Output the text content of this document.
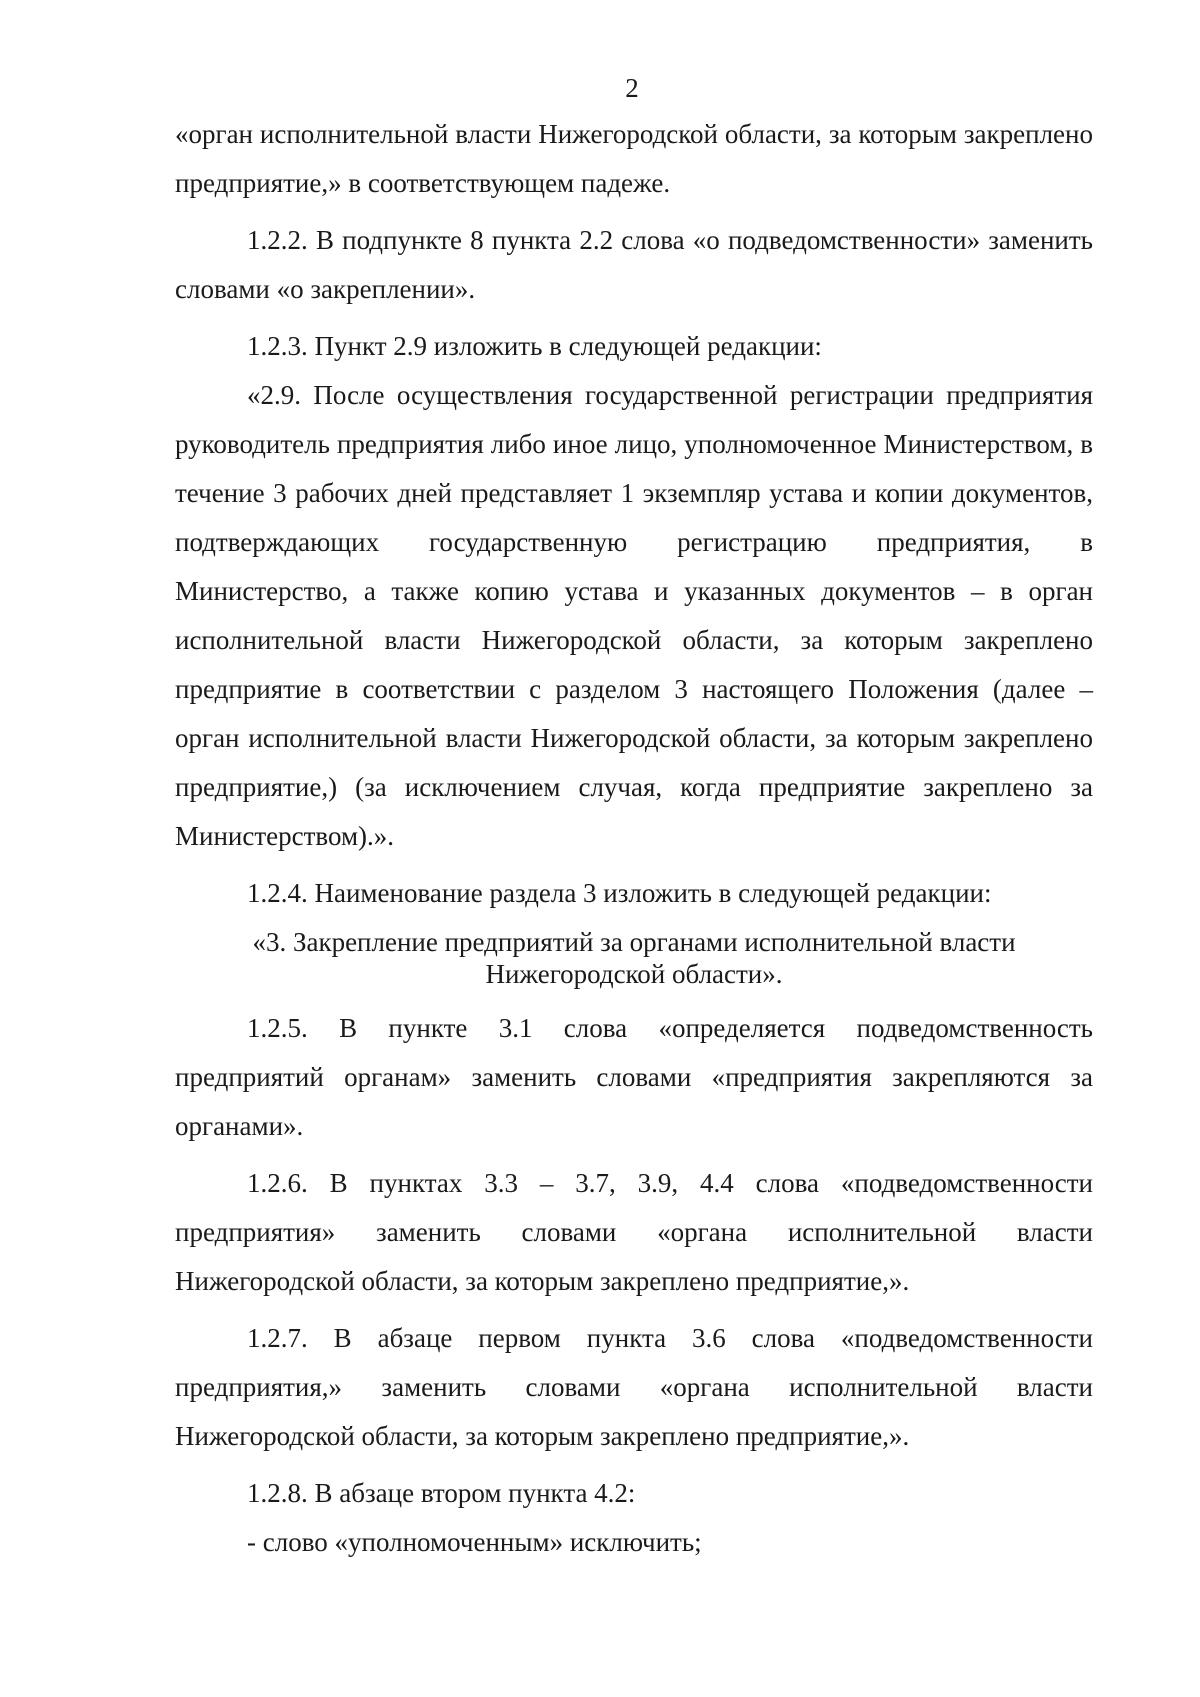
2

«орган исполнительной власти Нижегородской области, за которым закреплено предприятие,» в соответствующем падеже.

1.2.2. В подпункте 8 пункта 2.2 слова «о подведомственности» заменить словами «о закреплении».

1.2.3. Пункт 2.9 изложить в следующей редакции:

«2.9. После осуществления государственной регистрации предприятия руководитель предприятия либо иное лицо, уполномоченное Министерством, в течение 3 рабочих дней представляет 1 экземпляр устава и копии документов, подтверждающих государственную регистрацию предприятия, в Министерство, а также копию устава и указанных документов – в орган исполнительной власти Нижегородской области, за которым закреплено предприятие в соответствии с разделом 3 настоящего Положения (далее – орган исполнительной власти Нижегородской области, за которым закреплено предприятие,) (за исключением случая, когда предприятие закреплено за Министерством).».

1.2.4. Наименование раздела 3 изложить в следующей редакции:

«3. Закрепление предприятий за органами исполнительной власти
Нижегородской области».

1.2.5. В пункте 3.1 слова «определяется подведомственность предприятий органам» заменить словами «предприятия закрепляются за органами».

1.2.6. В пунктах 3.3 – 3.7, 3.9, 4.4 слова «подведомственности предприятия» заменить словами «органа исполнительной власти Нижегородской области, за которым закреплено предприятие,».

1.2.7. В абзаце первом пункта 3.6 слова «подведомственности предприятия,» заменить словами «органа исполнительной власти Нижегородской области, за которым закреплено предприятие,».

1.2.8. В абзаце втором пункта 4.2:

- слово «уполномоченным» исключить;
